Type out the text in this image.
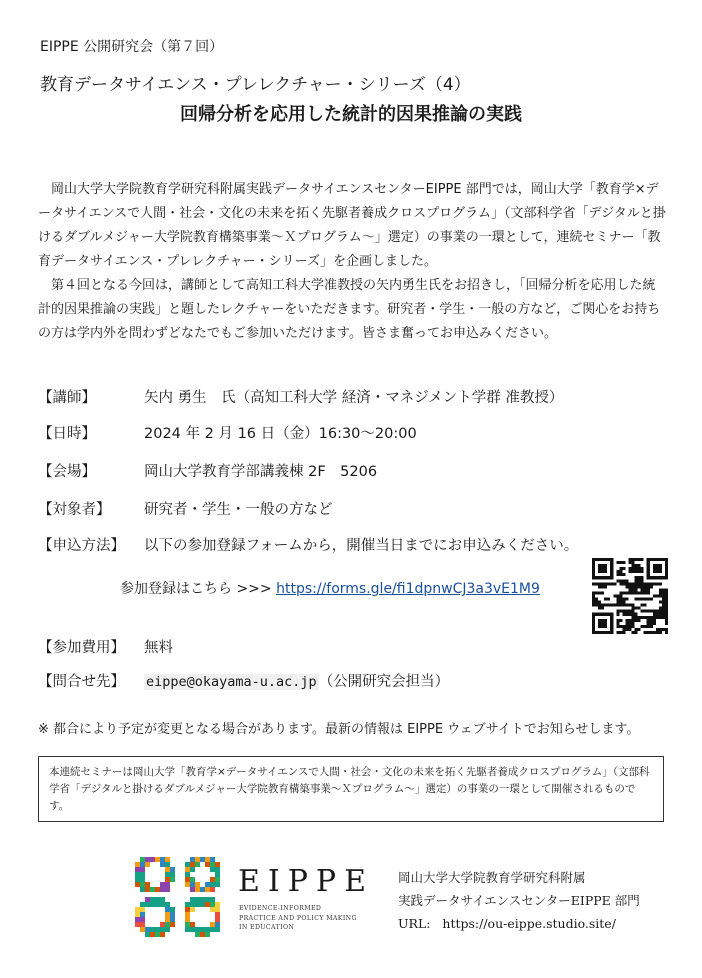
EIPPE 公開研究会（第７回）
教育データサイエンス・プレレクチャー・シリーズ（4）
回帰分析を応用した統計的因果推論の実践

岡山大学大学院教育学研究科附属実践データサイエンスセンターEIPPE 部門では，岡山大学「教育学×データサイエンスで人間・社会・文化の未来を拓く先駆者養成クロスプログラム」（文部科学省「デジタルと掛けるダブルメジャー大学院教育構築事業～Ｘプログラム～」選定）の事業の一環として，連続セミナー「教育データサイエンス・プレレクチャー・シリーズ」を企画しました。

第４回となる今回は，講師として高知工科大学准教授の矢内勇生氏をお招きし，「回帰分析を応用した統計的因果推論の実践」と題したレクチャーをいただきます。研究者・学生・一般の方など，ご関心をお持ちの方は学内外を問わずどなたでもご参加いただけます。皆さま奮ってお申込みください。

【講師】	矢内 勇生　氏（高知工科大学 経済・マネジメント学群 准教授）
【日時】	2024 年 2 月 16 日（金）16:30～20:00
【会場】	岡山大学教育学部講義棟 2F　5206
【対象者】 研究者・学生・一般の方など
【申込方法】 以下の参加登録フォームから，開催当日までにお申込みください。
参加登録はこちら >>> https://forms.gle/fi1dpnwCJ3a3vE1M9
【参加費用】 無料
【問合せ先】 eippe@okayama-u.ac.jp （公開研究会担当）
※ 都合により予定が変更となる場合があります。最新の情報は EIPPE ウェブサイトでお知らせします。
本連続セミナーは岡山大学「教育学×データサイエンスで人間・社会・文化の未来を拓く先駆者養成クロスプログラム」（文部科学省「デジタルと掛けるダブルメジャー大学院教育構築事業～Ｘプログラム～」選定）の事業の一環として開催されるものです。
EIPPE
EVIDENCE-INFORMED
PRACTICE AND POLICY MAKING
IN EDUCATION
岡山大学大学院教育学研究科附属
実践データサイエンスセンターEIPPE 部門
URL: https://ou-eippe.studio.site/
